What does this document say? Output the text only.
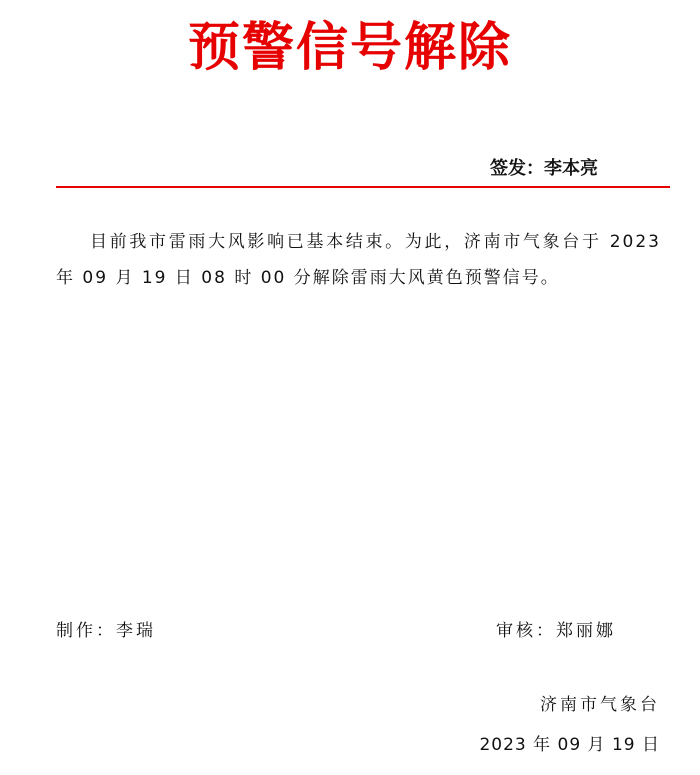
预警信号解除
签发：李本亮

目前我市雷雨大风影响已基本结束。为此，济南市气象台于 2023 年 09 月 19 日 08 时 00 分解除雷雨大风黄色预警信号。

制作：李瑞	审核：郑丽娜
济南市气象台
2023 年 09 月 19 日
